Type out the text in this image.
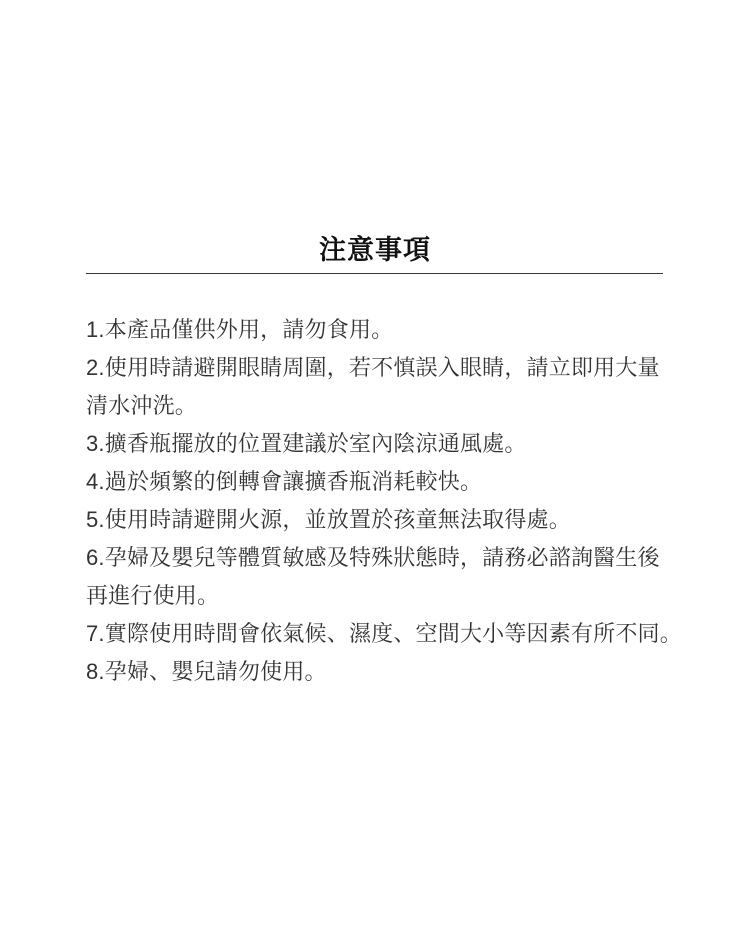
注意事項

1.本產品僅供外用，請勿食用。

2.使用時請避開眼睛周圍，若不慎誤入眼睛，請立即用大量

清水沖洗。

3.擴香瓶擺放的位置建議於室內陰涼通風處。

4.過於頻繁的倒轉會讓擴香瓶消耗較快。

5.使用時請避開火源，並放置於孩童無法取得處。

6.孕婦及嬰兒等體質敏感及特殊狀態時，請務必諮詢醫生後

再進行使用。

7.實際使用時間會依氣候、濕度、空間大小等因素有所不同。

8.孕婦、嬰兒請勿使用。
